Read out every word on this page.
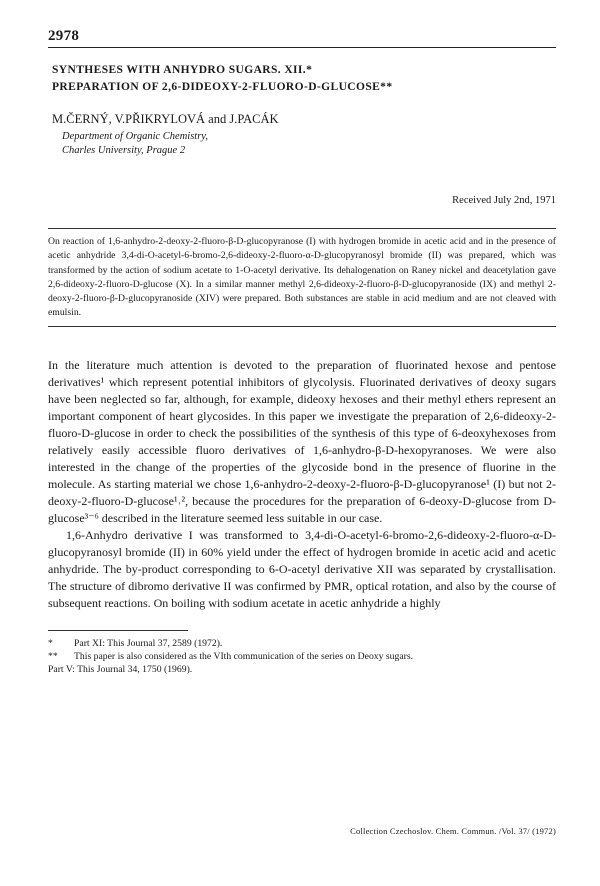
2978
SYNTHESES WITH ANHYDRO SUGARS. XII.*
PREPARATION OF 2,6-DIDEOXY-2-FLUORO-D-GLUCOSE**
M.ČERNÝ, V.PŘIKRYLOVÁ and J.PACÁK
Department of Organic Chemistry,
Charles University, Prague 2
Received July 2nd, 1971
On reaction of 1,6-anhydro-2-deoxy-2-fluoro-β-D-glucopyranose (I) with hydrogen bromide in acetic acid and in the presence of acetic anhydride 3,4-di-O-acetyl-6-bromo-2,6-dideoxy-2-fluoro-α-D-glucopyranosyl bromide (II) was prepared, which was transformed by the action of sodium acetate to 1-O-acetyl derivative. Its dehalogenation on Raney nickel and deacetylation gave 2,6-dideoxy-2-fluoro-D-glucose (X). In a similar manner methyl 2,6-dideoxy-2-fluoro-β-D-glucopyranoside (IX) and methyl 2-deoxy-2-fluoro-β-D-glucopyranoside (XIV) were prepared. Both substances are stable in acid medium and are not cleaved with emulsin.

In the literature much attention is devoted to the preparation of fluorinated hexose and pentose derivatives¹ which represent potential inhibitors of glycolysis. Fluorinated derivatives of deoxy sugars have been neglected so far, although, for example, dideoxy hexoses and their methyl ethers represent an important component of heart glycosides. In this paper we investigate the preparation of 2,6-dideoxy-2-fluoro-D-glucose in order to check the possibilities of the synthesis of this type of 6-deoxyhexoses from relatively easily accessible fluoro derivatives of 1,6-anhydro-β-D-hexopyranoses. We were also interested in the change of the properties of the glycoside bond in the presence of fluorine in the molecule. As starting material we chose 1,6-anhydro-2-deoxy-2-fluoro-β-D-glucopyranose¹ (I) but not 2-deoxy-2-fluoro-D-glucose¹˒², because the procedures for the preparation of 6-deoxy-D-glucose from D-glucose³⁻⁶ described in the literature seemed less suitable in our case.

1,6-Anhydro derivative I was transformed to 3,4-di-O-acetyl-6-bromo-2,6-dideoxy-2-fluoro-α-D-glucopyranosyl bromide (II) in 60% yield under the effect of hydrogen bromide in acetic acid and acetic anhydride. The by-product corresponding to 6-O-acetyl derivative XII was separated by crystallisation. The structure of dibromo derivative II was confirmed by PMR, optical rotation, and also by the course of subsequent reactions. On boiling with sodium acetate in acetic anhydride a highly

*	Part XI: This Journal 37, 2589 (1972).
**	This paper is also considered as the VIth communication of the series on Deoxy sugars.
Part V: This Journal 34, 1750 (1969).
Collection Czechoslov. Chem. Commun. /Vol. 37/ (1972)
